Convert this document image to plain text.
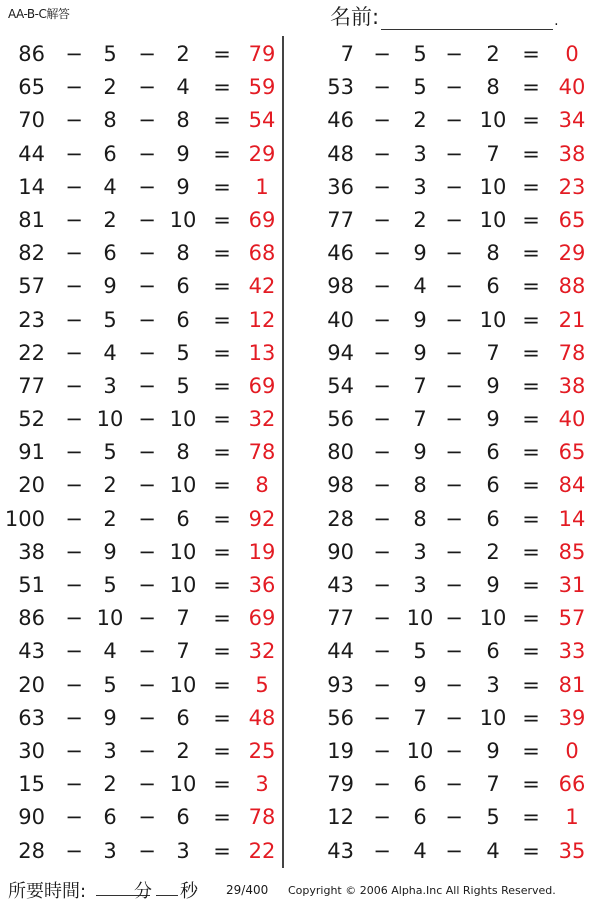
AA-B-C解答	名前:	.
86 − 5	− 2	= 79
65 − 2	− 4	= 59
70 − 8	− 8	= 54
44 − 6	− 9	= 29
14 − 4	− 9	=	1
81 − 2	− 10 = 69
82 − 6	− 8	= 68
57 − 9	− 6	= 42
23 − 5	− 6	= 12
22 − 4	− 5	= 13
77 − 3	− 5	= 69
52 − 10 − 10 = 32
91 − 5	− 8	= 78
20 − 2	− 10 =	8
100 − 2	− 6	= 92
38 − 9	− 10 = 19
51 − 5	− 10 = 36
86 − 10 − 7	= 69
43 − 4	− 7	= 32
20 − 5	− 10 =	5
63 − 9	− 6	= 48
30 − 3	− 2	= 25
15 − 2	− 10 =	3
90 − 6	− 6	= 78
28 − 3	− 3	= 22
7 −	5 −	2	=	0
53 −	5 −	8	= 40
46 −	2 − 10 = 34
48 −	3 −	7	= 38
36 −	3 − 10 = 23
77 −	2 − 10 = 65
46 −	9 −	8	= 29
98 −	4 −	6	= 88
40 −	9 − 10 = 21
94 −	9 −	7	= 78
54 −	7 −	9	= 38
56 −	7 −	9	= 40
80 −	9 −	6	= 65
98 −	8 −	6	= 84
28 −	8 −	6	= 14
90 −	3 −	2	= 85
43 −	3 −	9	= 31
77 − 10 − 10 = 57
44 −	5 −	6	= 33
93 −	9 −	3	= 81
56 −	7 − 10 = 39
19 − 10 −	9	=	0
79 −	6 −	7	= 66
12 −	6 −	5	=	1
43 −	4 −	4	= 35
所要時間:	分 秒 29/400 Copyright © 2006 Alpha.Inc All Rights Reserved.
